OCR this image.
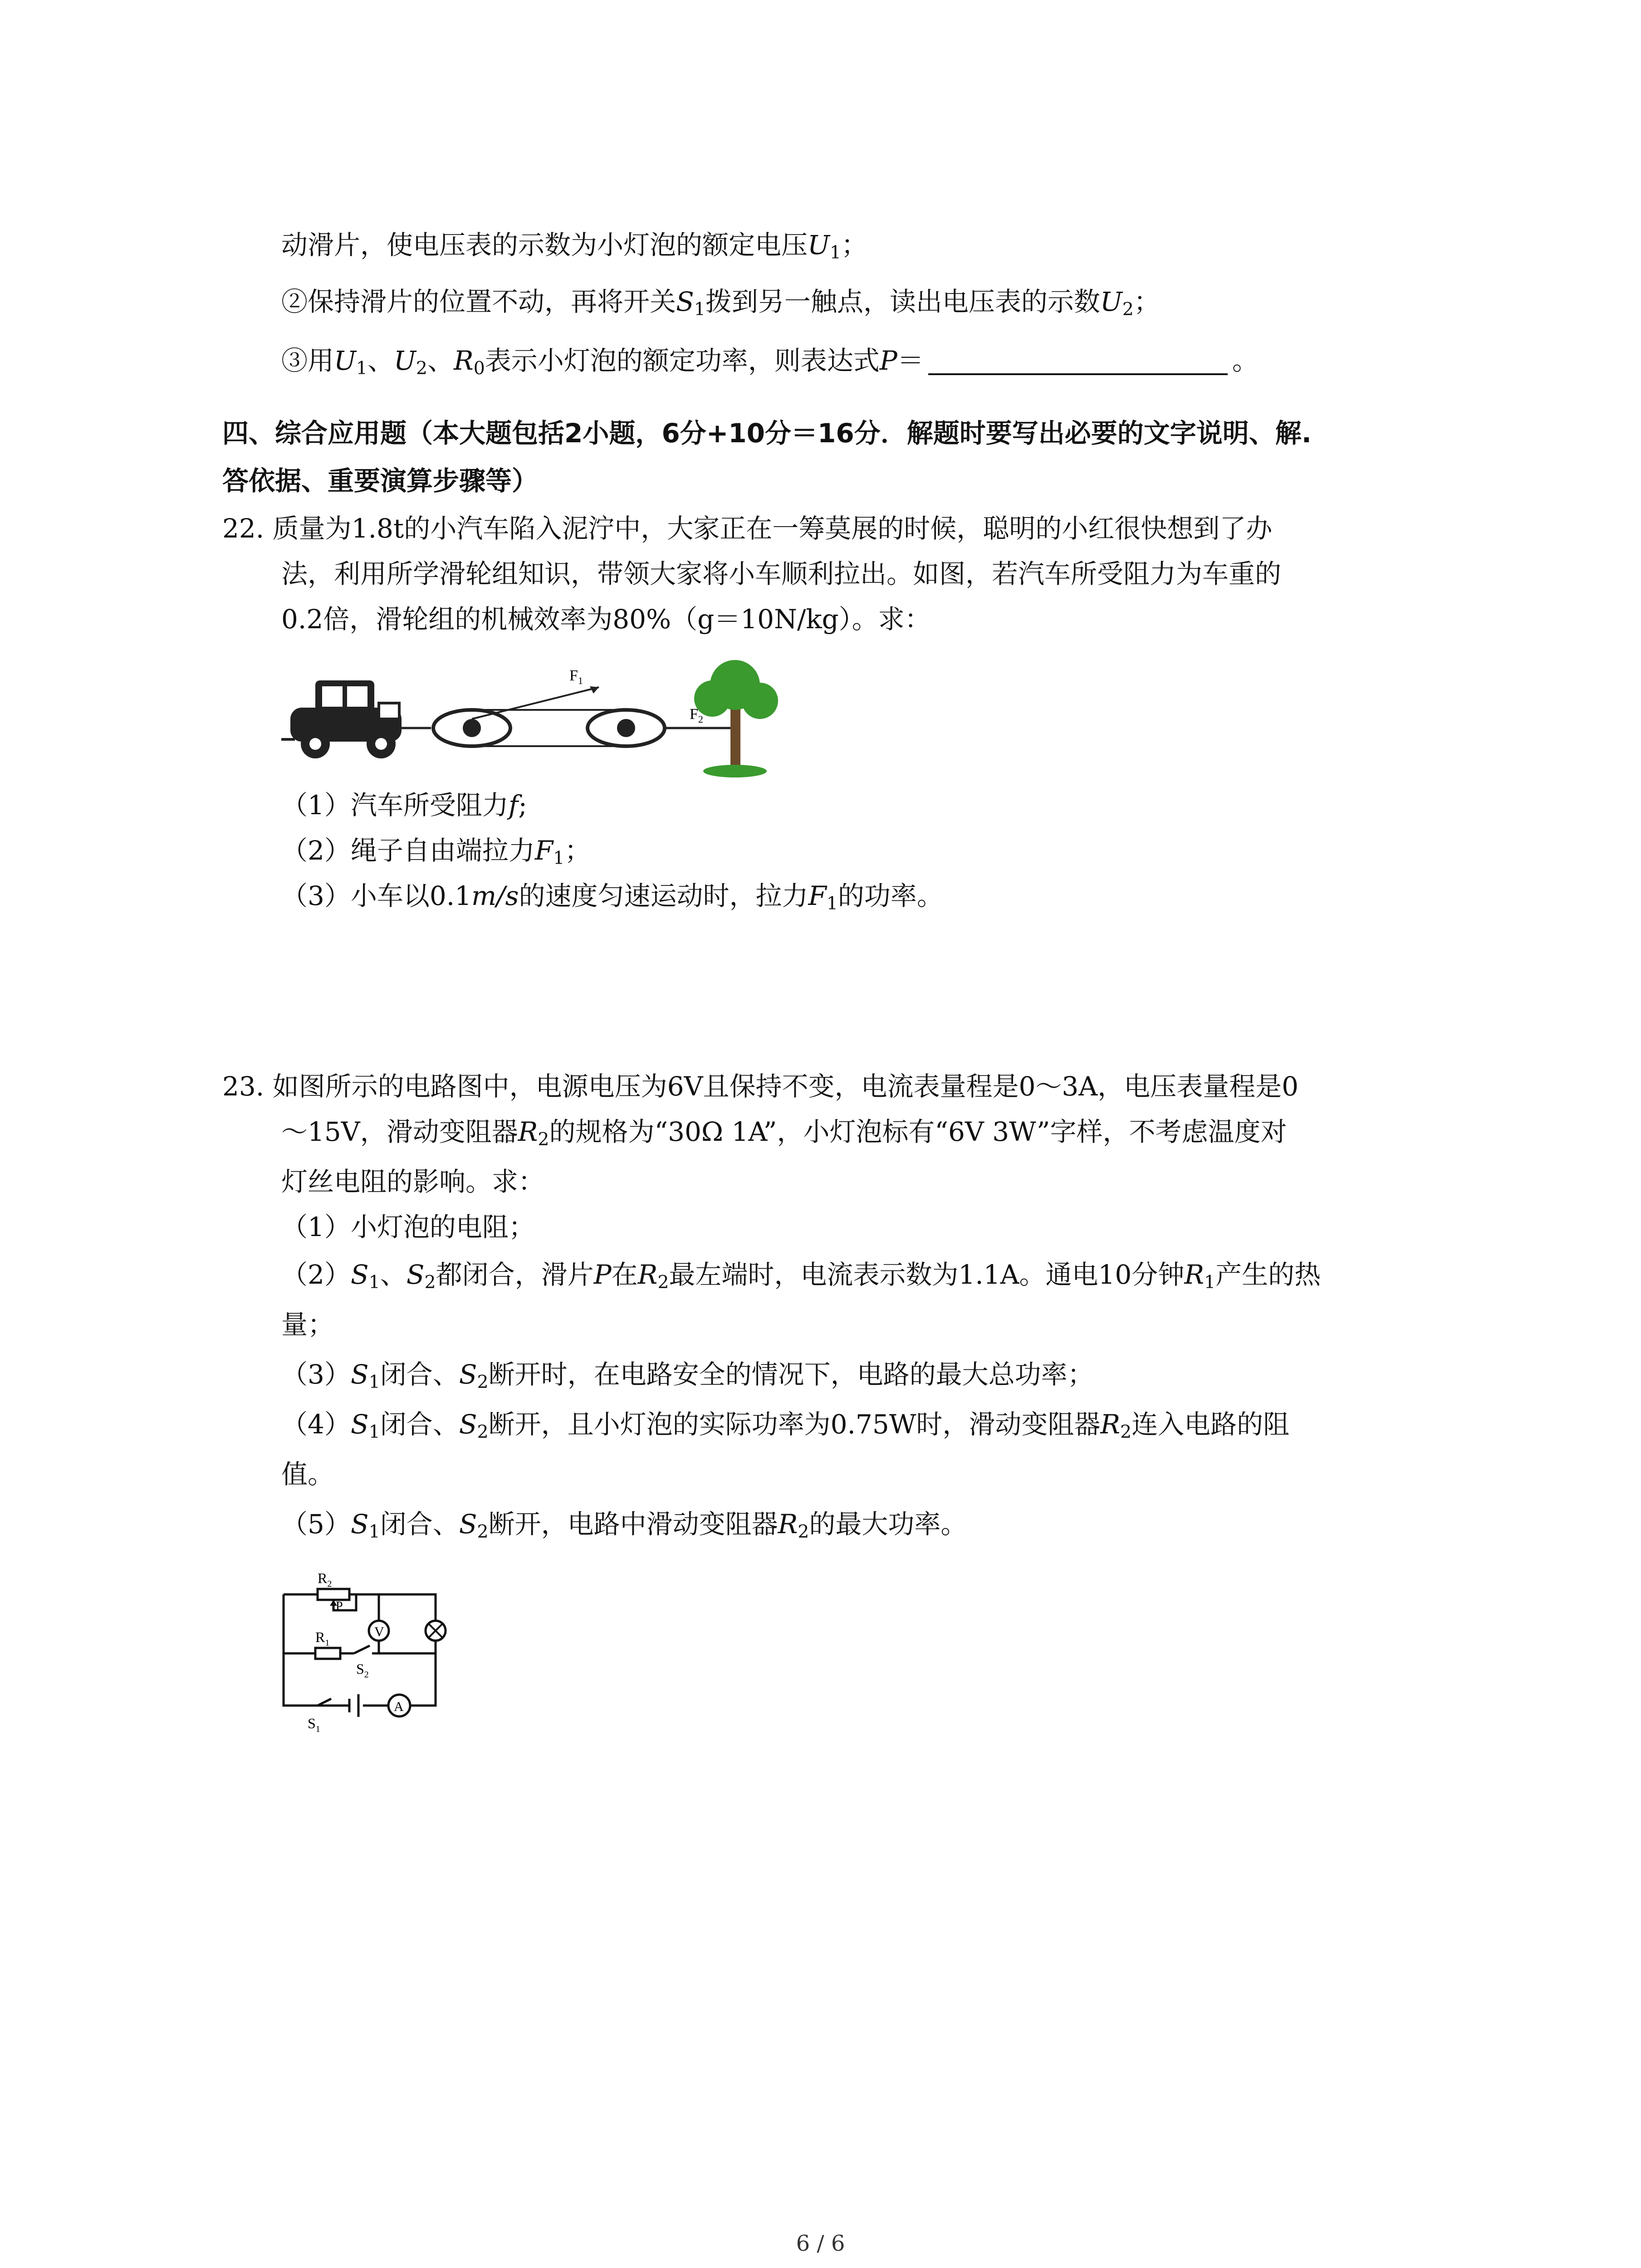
动滑片，使电压表的示数为小灯泡的额定电压$U_1$；
②保持滑片的位置不动，再将开关$S_1$拨到另一触点，读出电压表的示数$U_2$；
③用$U_1$、$U_2$、$R_0$表示小灯泡的额定功率，则表达式P＝	。
四、综合应用题（本大题包括2小题，6分+10分＝16分．解题时要写出必要的文字说明、解.
答依据、重要演算步骤等）
22. 质量为1.8t的小汽车陷入泥泞中，大家正在一筹莫展的时候，聪明的小红很快想到了办
法，利用所学滑轮组知识，带领大家将小车顺利拉出。如图，若汽车所受阻力为车重的
0.2倍，滑轮组的机械效率为80%（g＝10N/kg）。求：
$F_1$
$F_2$
（1）汽车所受阻力f;
（2）绳子自由端拉力$F_1$；
（3）小车以0.1m/s的速度匀速运动时，拉力$F_1$的功率。
23. 如图所示的电路图中，电源电压为6V且保持不变，电流表量程是0～3A，电压表量程是0
～15V，滑动变阻器$R_2$的规格为“30Ω 1A”，小灯泡标有“6V 3W”字样，不考虑温度对
灯丝电阻的影响。求：
（1）小灯泡的电阻；
$(2)S_1$、$S_2$都闭合，滑片P在$R_2$最左端时，电流表示数为1.1A。通电10分钟$R_1$产生的热
量；
$(3)S_1$闭合、$S_2$断开时，在电路安全的情况下，电路的最大总功率；
$(4)S_1$闭合、$S_2$断开，且小灯泡的实际功率为0.75W时，滑动变阻器$R_2$连入电路的阻
值。
$(5)S_1$闭合、$S_2$断开，电路中滑动变阻器$R_2$的最大功率。
V
A
$R_2$
P
$R_1$
$S_2$
$S_1$
6 / 6
